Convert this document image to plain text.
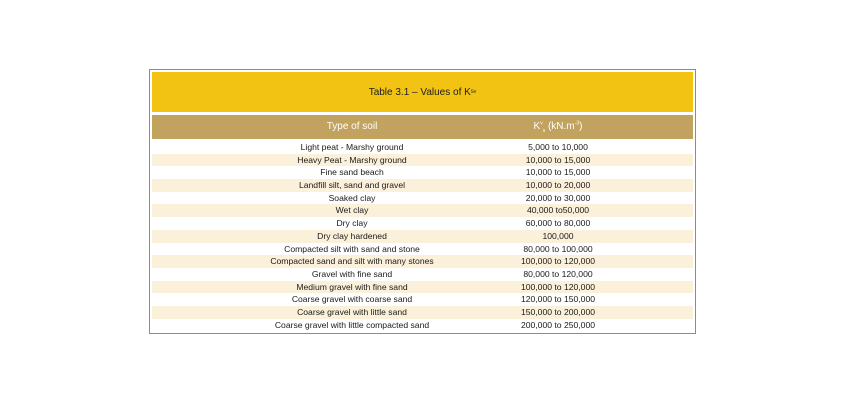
Table 3.1 – Values of K s v
Type of soil	$K^v_s$ $(kN.m^{-3})$
Light peat - Marshy ground	5,000 to 10,000
Heavy Peat - Marshy ground	10,000 to 15,000
Fine sand beach	10,000 to 15,000
Landfill silt, sand and gravel	10,000 to 20,000
Soaked clay	20,000 to 30,000
Wet clay	40,000 to50,000
Dry clay	60,000 to 80,000
Dry clay hardened	100,000
Compacted silt with sand and stone	80,000 to 100,000
Compacted sand and silt with many stones	100,000 to 120,000
Gravel with fine sand	80,000 to 120,000
Medium gravel with fine sand	100,000 to 120,000
Coarse gravel with coarse sand	120,000 to 150,000
Coarse gravel with little sand	150,000 to 200,000
Coarse gravel with little compacted sand	200,000 to 250,000
